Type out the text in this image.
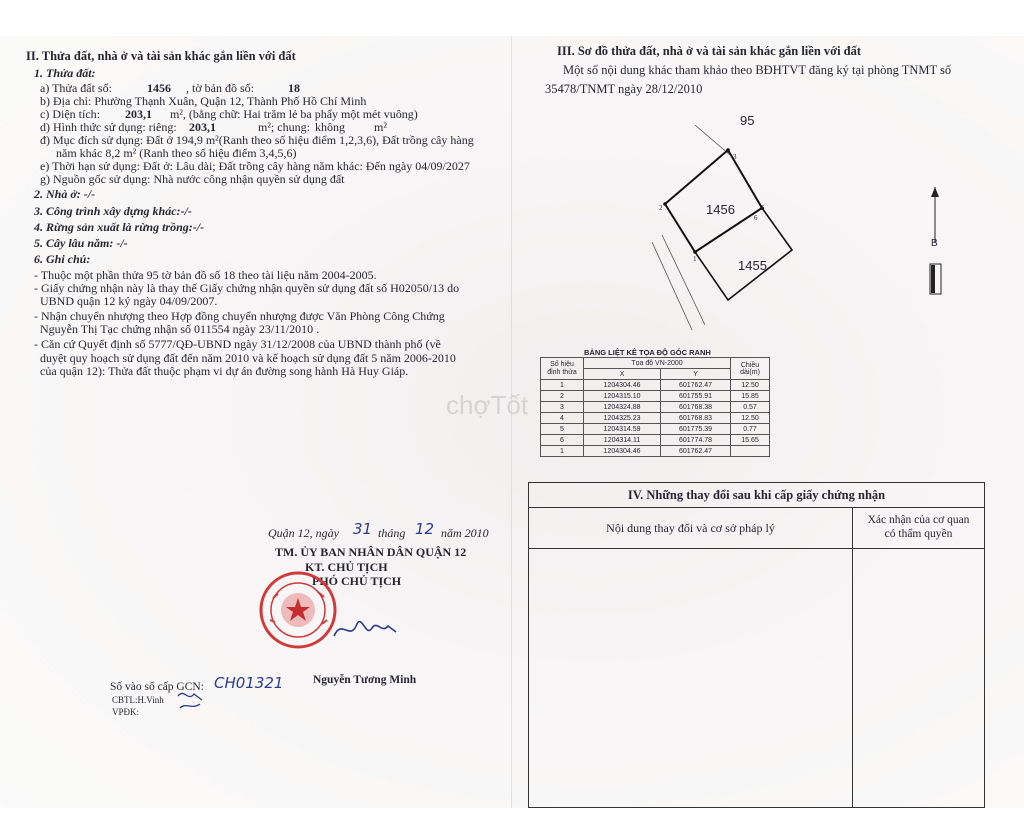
II. Thửa đất, nhà ở và tài sản khác gắn liền với đất
1. Thửa đất:
a) Thửa đất số:	1456 , tờ bản đồ số:	18
b) Địa chỉ: Phường Thạnh Xuân, Quận 12, Thành Phố Hồ Chí Minh
c) Diện tích: 203,1 m², (bằng chữ: Hai trăm lẻ ba phẩy một mét vuông)
d) Hình thức sử dụng: riêng: 203,1	m²; chung: không m²
đ) Mục đích sử dụng: Đất ở 194,9 m²(Ranh theo số hiệu điểm 1,2,3,6), Đất trồng cây hàng
năm khác 8,2 m² (Ranh theo số hiệu điểm 3,4,5,6)
e) Thời hạn sử dụng: Đất ở: Lâu dài; Đất trồng cây hàng năm khác: Đến ngày 04/09/2027
g) Nguồn gốc sử dụng: Nhà nước công nhận quyền sử dụng đất
2. Nhà ở: -/-
3. Công trình xây dựng khác:-/-
4. Rừng sản xuất là rừng trồng:-/-
5. Cây lâu năm: -/-
6. Ghi chú:
- Thuộc một phần thửa 95 tờ bản đồ số 18 theo tài liệu năm 2004-2005.
- Giấy chứng nhận này là thay thế Giấy chứng nhận quyền sử dụng đất số H02050/13 do
UBND quận 12 ký ngày 04/09/2007.
- Nhận chuyển nhượng theo Hợp đồng chuyển nhượng được Văn Phòng Công Chứng
Nguyễn Thị Tạc chứng nhận số 011554 ngày 23/11/2010 .
- Căn cứ Quyết định số 5777/QĐ-UBND ngày 31/12/2008 của UBND thành phố (về
duyệt quy hoạch sử dụng đất đến năm 2010 và kế hoạch sử dụng đất 5 năm 2006-2010
của quận 12): Thửa đất thuộc phạm vi dự án đường song hành Hà Huy Giáp.
Quận 12, ngày 31 tháng 12 năm 2010
TM. ỦY BAN NHÂN DÂN QUẬN 12
KT. CHỦ TỊCH
PHÓ CHỦ TỊCH
Nguyễn Tương Minh
Số vào sổ cấp GCN: CH01321
CBTL:H.Vinh
VPĐK:
III. Sơ đồ thửa đất, nhà ở và tài sản khác gắn liền với đất
Một số nội dung khác tham khảo theo BĐHTVT đăng ký tại phòng TNMT số
35478/TNMT ngày 28/12/2010
95
1456
1455
4
2	5
6
1
3
B
BẢNG LIỆT KÊ TỌA ĐỘ GÓC RANH
Số hiệu đỉnh thửa	Tọa độ VN-2000		Chiều dài(m)
	X	Y	
1	1204304.46	601762.47	12.50
2	1204315.10	601755.91	15.85
3	1204324.88	601768.38	0.57
4	1204325.23	601768.83	12.50
5	1204314.59	601775.39	0.77
6	1204314.11	601774.78	15.65
1	1204304.46	601762.47	
chợTốt
IV. Những thay đổi sau khi cấp giấy chứng nhận
Nội dung thay đổi và cơ sở pháp lý
Xác nhận của cơ quan
có thẩm quyền
